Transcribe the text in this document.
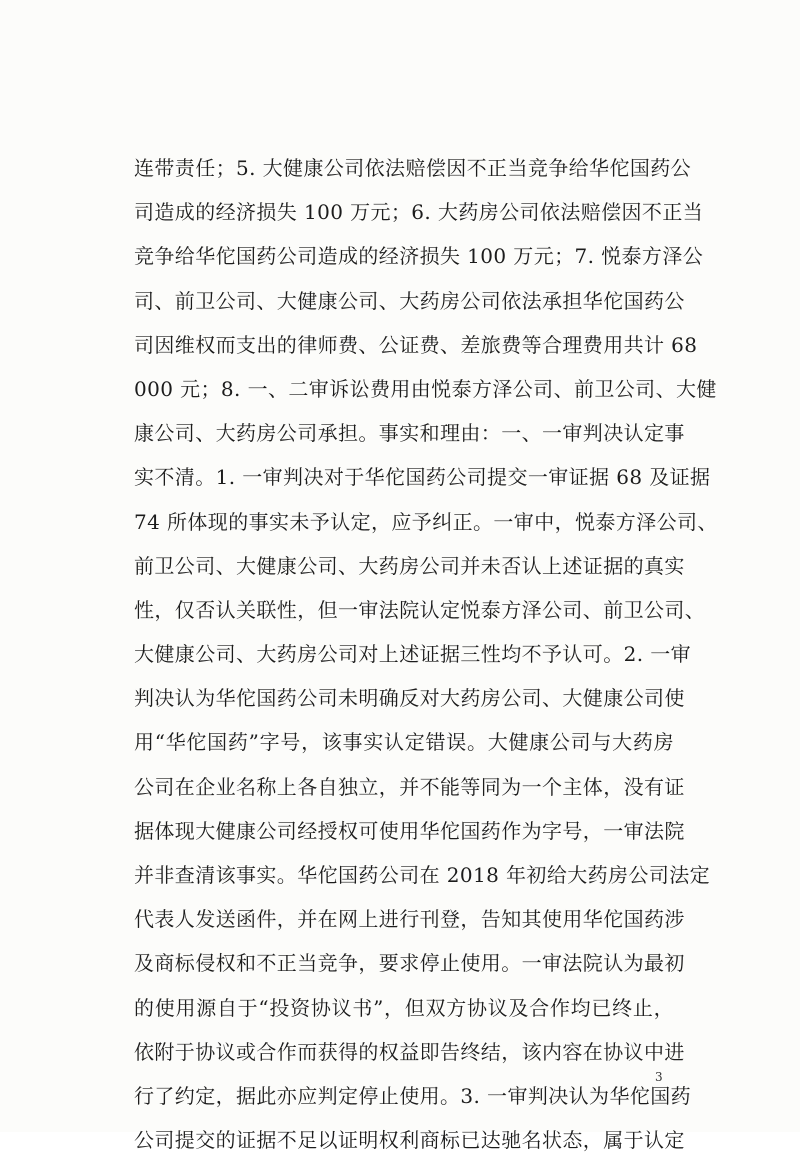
连带责任；5. 大健康公司依法赔偿因不正当竞争给华佗国药公
司造成的经济损失 100 万元；6. 大药房公司依法赔偿因不正当
竞争给华佗国药公司造成的经济损失 100 万元；7. 悦泰方泽公
司、前卫公司、大健康公司、大药房公司依法承担华佗国药公
司因维权而支出的律师费、公证费、差旅费等合理费用共计 68
000 元；8. 一、二审诉讼费用由悦泰方泽公司、前卫公司、大健
康公司、大药房公司承担。事实和理由：一、一审判决认定事
实不清。1. 一审判决对于华佗国药公司提交一审证据 68 及证据
74 所体现的事实未予认定，应予纠正。一审中，悦泰方泽公司、
前卫公司、大健康公司、大药房公司并未否认上述证据的真实
性，仅否认关联性，但一审法院认定悦泰方泽公司、前卫公司、
大健康公司、大药房公司对上述证据三性均不予认可。2. 一审
判决认为华佗国药公司未明确反对大药房公司、大健康公司使
用“华佗国药”字号，该事实认定错误。大健康公司与大药房
公司在企业名称上各自独立，并不能等同为一个主体，没有证
据体现大健康公司经授权可使用华佗国药作为字号，一审法院
并非查清该事实。华佗国药公司在 2018 年初给大药房公司法定
代表人发送函件，并在网上进行刊登，告知其使用华佗国药涉
及商标侵权和不正当竞争，要求停止使用。一审法院认为最初
的使用源自于“投资协议书”，但双方协议及合作均已终止，
依附于协议或合作而获得的权益即告终结，该内容在协议中进
行了约定，据此亦应判定停止使用。3. 一审判决认为华佗国药
公司提交的证据不足以证明权利商标已达驰名状态，属于认定
3
